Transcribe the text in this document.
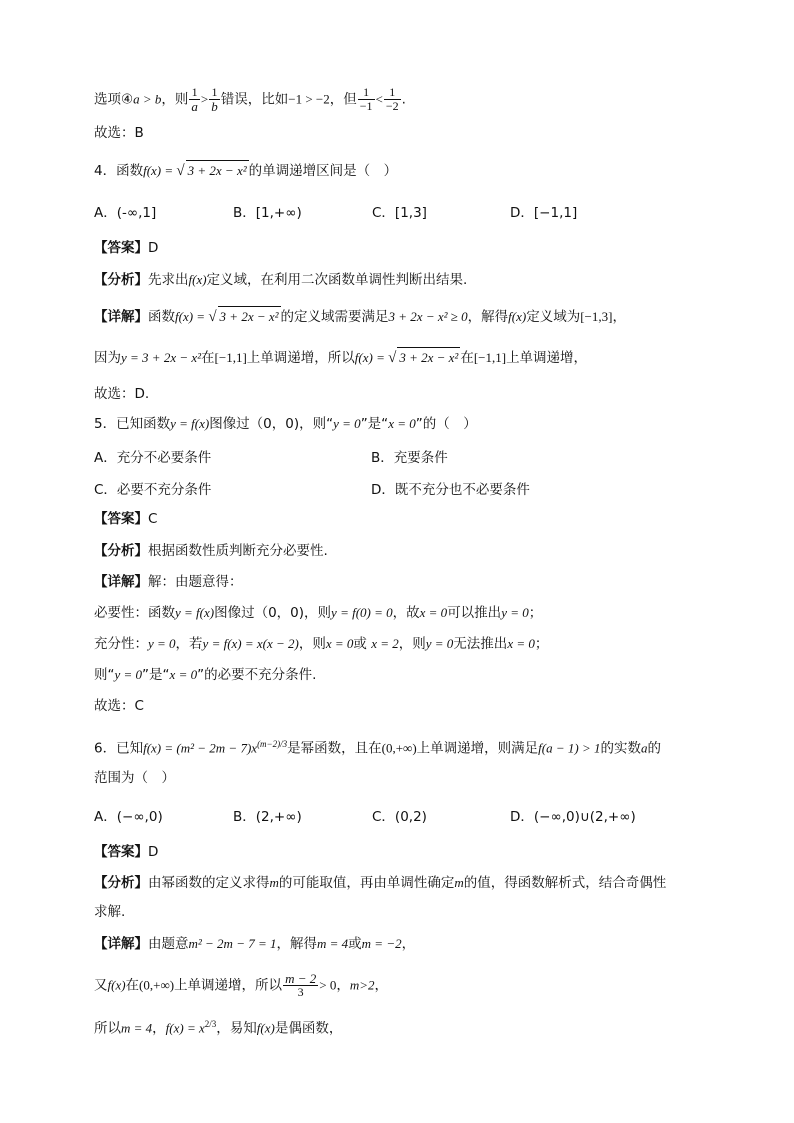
选项④a > b，则 $\frac{1}{a} > \frac{1}{b}$ 错误，比如−1 > −2，但 $\frac{1}{-1} < \frac{1}{-2}$ .
故选：B
4．函数f(x) = √ 3 + 2x − x² 的单调递增区间是（　）
A．(-∞,1]	B．[1,+∞)	C．[1,3]	D．[−1,1]
【答案】D
【分析】先求出f(x)定义域，在利用二次函数单调性判断出结果.
【详解】函数f(x) = √ 3 + 2x − x² 的定义域需要满足3 + 2x − x² ≥ 0，解得f(x)定义域为[−1,3]，
因为y = 3 + 2x − x²在[−1,1]上单调递增，所以f(x) = √ 3 + 2x − x² 在[−1,1]上单调递增，
故选：D.
5．已知函数y = f(x)图像过（0，0)，则“y = 0”是“x = 0”的（　）
A．充分不必要条件	B．充要条件
C．必要不充分条件	D．既不充分也不必要条件
【答案】C
【分析】根据函数性质判断充分必要性.
【详解】解：由题意得：
必要性：函数y = f(x)图像过（0，0)，则y = f(0) = 0，故x = 0可以推出y = 0；
充分性：y = 0，若y = f(x) = x(x − 2)，则x = 0或 x = 2，则y = 0无法推出x = 0；
则“y = 0”是“x = 0”的必要不充分条件.
故选：C
6．已知$f(x) = (m^2 - 2m - 7)x^{(m-2)/3}$是幂函数，且在(0,+∞)上单调递增，则满足f(a − 1) > 1的实数a的
范围为（　）
A．(−∞,0)	B．(2,+∞)	C．(0,2)	D．(−∞,0)∪(2,+∞)
【答案】D
【分析】由幂函数的定义求得m的可能取值，再由单调性确定m的值，得函数解析式，结合奇偶性
求解.
【详解】由题意m² − 2m − 7 = 1，解得m = 4或m = −2，
又f(x)在(0,+∞)上单调递增，所以 $\frac{m - 2}{3} > 0$，m>2，
所以m = 4，$f(x) = x^{2/3}$，易知f(x)是偶函数，
